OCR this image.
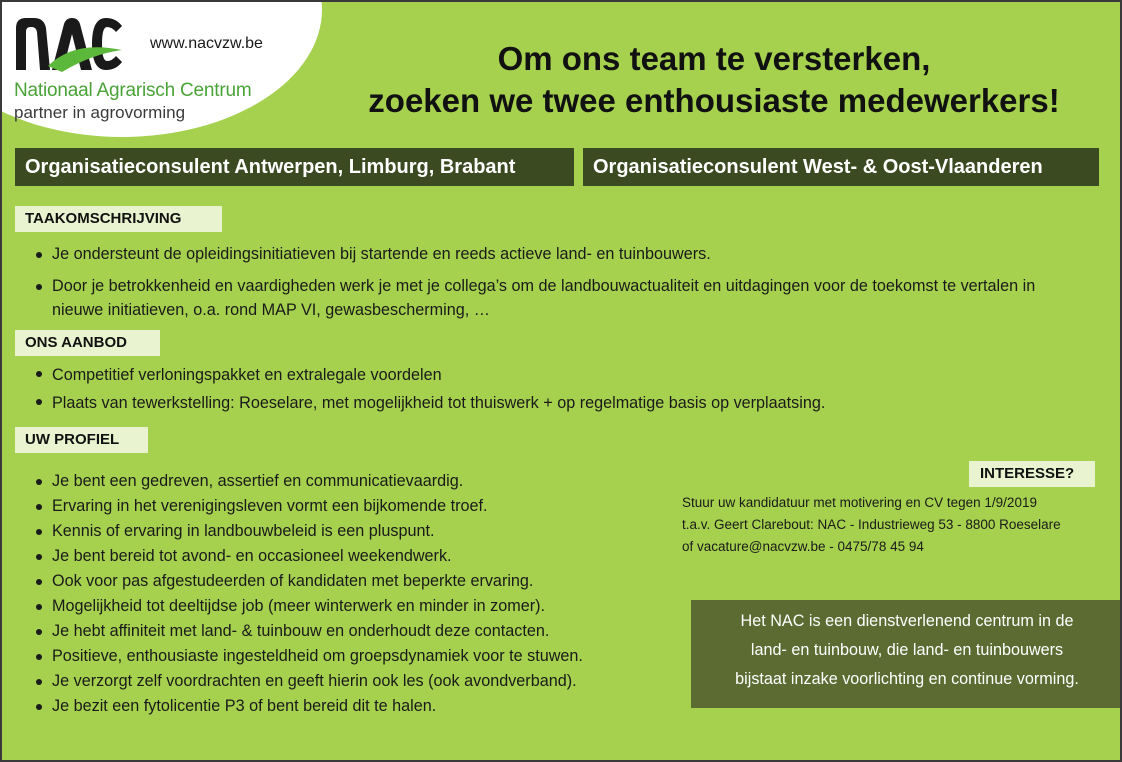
Nationaal Agrarisch Centrum
partner in agrovorming
www.nacvzw.be	Om ons team te versterken,
zoeken we twee enthousiaste medewerkers!
Organisatieconsulent Antwerpen, Limburg, Brabant	Organisatieconsulent West- & Oost-Vlaanderen
TAAKOMSCHRIJVING
Je ondersteunt de opleidingsinitiatieven bij startende en reeds actieve land- en tuinbouwers.
Door je betrokkenheid en vaardigheden werk je met je collega’s om de landbouwactualiteit en uitdagingen voor de toekomst te vertalen in nieuwe initiatieven, o.a. rond MAP VI, gewasbescherming, …
ONS AANBOD
Competitief verloningspakket en extralegale voordelen
Plaats van tewerkstelling: Roeselare, met mogelijkheid tot thuiswerk + op regelmatige basis op verplaatsing.
UW PROFIEL
Je bent een gedreven, assertief en communicatievaardig.
Ervaring in het verenigingsleven vormt een bijkomende troef.
Kennis of ervaring in landbouwbeleid is een pluspunt.
Je bent bereid tot avond- en occasioneel weekendwerk.
Ook voor pas afgestudeerden of kandidaten met beperkte ervaring.
Mogelijkheid tot deeltijdse job (meer winterwerk en minder in zomer).
Je hebt affiniteit met land- & tuinbouw en onderhoudt deze contacten.
Positieve, enthousiaste ingesteldheid om groepsdynamiek voor te stuwen.
Je verzorgt zelf voordrachten en geeft hierin ook les (ook avondverband).
Je bezit een fytolicentie P3 of bent bereid dit te halen.
INTERESSE?
Stuur uw kandidatuur met motivering en CV tegen 1/9/2019
t.a.v. Geert Clarebout: NAC - Industrieweg 53 - 8800 Roeselare
of vacature@nacvzw.be - 0475/78 45 94
Het NAC is een dienstverlenend centrum in de
land- en tuinbouw, die land- en tuinbouwers
bijstaat inzake voorlichting en continue vorming.
